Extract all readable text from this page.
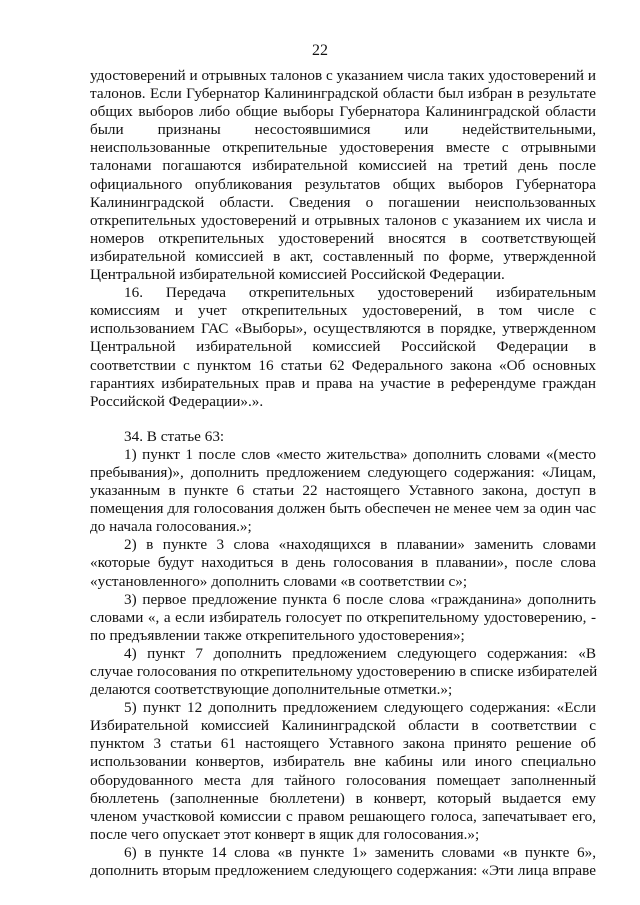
22

удостоверений и отрывных талонов с указанием числа таких удостоверений и

талонов. Если Губернатор Калининградской области был избран в результате

общих выборов либо общие выборы Губернатора Калининградской области

были признаны несостоявшимися или недействительными,

неиспользованные открепительные удостоверения вместе с отрывными

талонами погашаются избирательной комиссией на третий день после

официального опубликования результатов общих выборов Губернатора

Калининградской области. Сведения о погашении неиспользованных

открепительных удостоверений и отрывных талонов с указанием их числа и

номеров открепительных удостоверений вносятся в соответствующей

избирательной комиссией в акт, составленный по форме, утвержденной

Центральной избирательной комиссией Российской Федерации.

16. Передача открепительных удостоверений избирательным

комиссиям и учет открепительных удостоверений, в том числе с

использованием ГАС «Выборы», осуществляются в порядке, утвержденном

Центральной избирательной комиссией Российской Федерации в

соответствии с пунктом 16 статьи 62 Федерального закона «Об основных

гарантиях избирательных прав и права на участие в референдуме граждан

Российской Федерации».».

34. В статье 63:

1) пункт 1 после слов «место жительства» дополнить словами «(место

пребывания)», дополнить предложением следующего содержания: «Лицам,

указанным в пункте 6 статьи 22 настоящего Уставного закона, доступ в

помещения для голосования должен быть обеспечен не менее чем за один час

до начала голосования.»;

2) в пункте 3 слова «находящихся в плавании» заменить словами

«которые будут находиться в день голосования в плавании», после слова

«установленного» дополнить словами «в соответствии с»;

3) первое предложение пункта 6 после слова «гражданина» дополнить

словами «, а если избиратель голосует по открепительному удостоверению, -

по предъявлении также открепительного удостоверения»;

4) пункт 7 дополнить предложением следующего содержания: «В

случае голосования по открепительному удостоверению в списке избирателей

делаются соответствующие дополнительные отметки.»;

5) пункт 12 дополнить предложением следующего содержания: «Если

Избирательной комиссией Калининградской области в соответствии с

пунктом 3 статьи 61 настоящего Уставного закона принято решение об

использовании конвертов, избиратель вне кабины или иного специально

оборудованного места для тайного голосования помещает заполненный

бюллетень (заполненные бюллетени) в конверт, который выдается ему

членом участковой комиссии с правом решающего голоса, запечатывает его,

после чего опускает этот конверт в ящик для голосования.»;

6) в пункте 14 слова «в пункте 1» заменить словами «в пункте 6»,

дополнить вторым предложением следующего содержания: «Эти лица вправе
